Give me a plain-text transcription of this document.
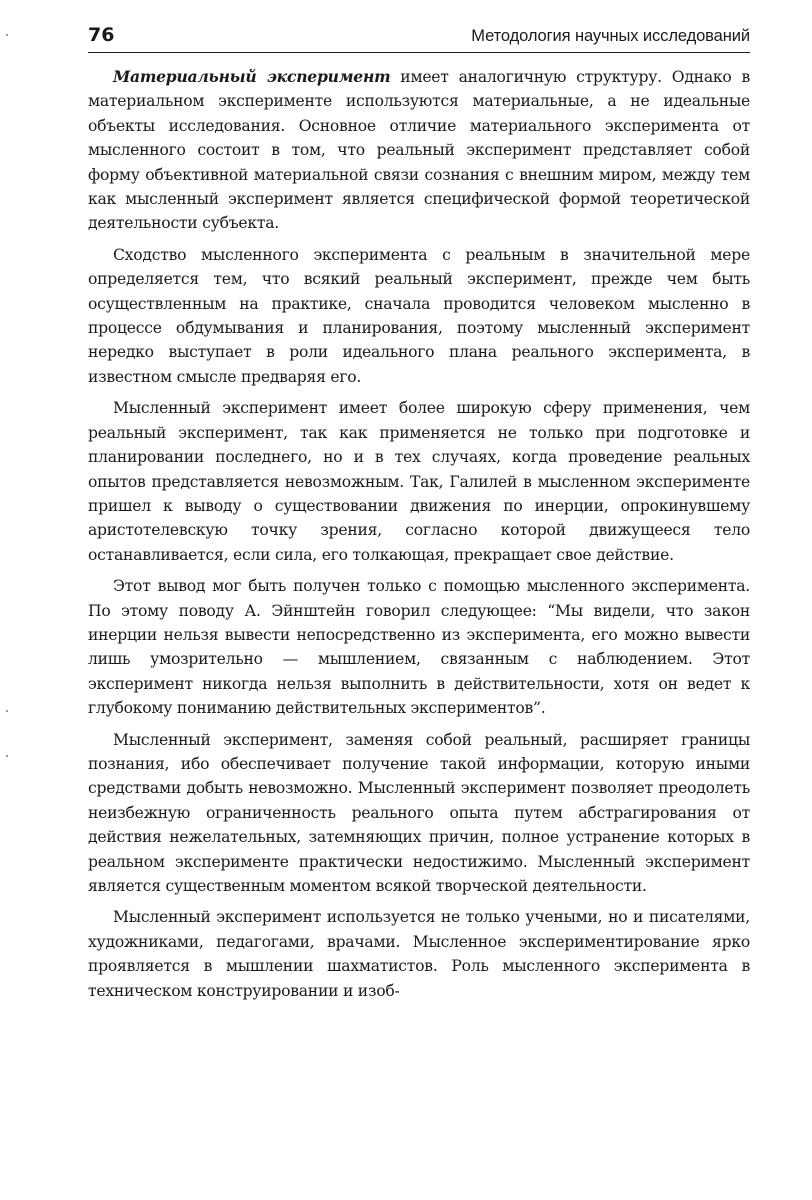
76	Методология научных исследований

Материальный эксперимент имеет аналогичную структуру. Однако в материальном эксперименте используются материальные, а не идеальные объекты исследования. Основное отличие материального эксперимента от мысленного состоит в том, что реальный эксперимент представляет собой форму объективной материальной связи сознания с внешним миром, между тем как мысленный эксперимент является специфической формой теоретической деятельности субъекта.

Сходство мысленного эксперимента с реальным в значительной мере определяется тем, что всякий реальный эксперимент, прежде чем быть осуществленным на практике, сначала проводится человеком мысленно в процессе обдумывания и планирования, поэтому мысленный эксперимент нередко выступает в роли идеального плана реального эксперимента, в известном смысле предваряя его.

Мысленный эксперимент имеет более широкую сферу применения, чем реальный эксперимент, так как применяется не только при подготовке и планировании последнего, но и в тех случаях, когда проведение реальных опытов представляется невозможным. Так, Галилей в мысленном эксперименте пришел к выводу о существовании движения по инерции, опрокинувшему аристотелевскую точку зрения, согласно которой движущееся тело останавливается, если сила, его толкающая, прекращает свое действие.

Этот вывод мог быть получен только с помощью мысленного эксперимента. По этому поводу А. Эйнштейн говорил следующее: “Мы видели, что закон инерции нельзя вывести непосредственно из эксперимента, его можно вывести лишь умозрительно — мышлением, связанным с наблюдением. Этот эксперимент никогда нельзя выполнить в действительности, хотя он ведет к глубокому пониманию действительных экспериментов”.

Мысленный эксперимент, заменяя собой реальный, расширяет границы познания, ибо обеспечивает получение такой информации, которую иными средствами добыть невозможно. Мысленный эксперимент позволяет преодолеть неизбежную ограниченность реального опыта путем абстрагирования от действия нежелательных, затемняющих причин, полное устранение которых в реальном эксперименте практически недостижимо. Мысленный эксперимент является существенным моментом всякой творческой деятельности.

Мысленный эксперимент используется не только учеными, но и писателями, художниками, педагогами, врачами. Мысленное экспериментирование ярко проявляется в мышлении шахматистов. Роль мысленного эксперимента в техническом конструировании и изоб-
